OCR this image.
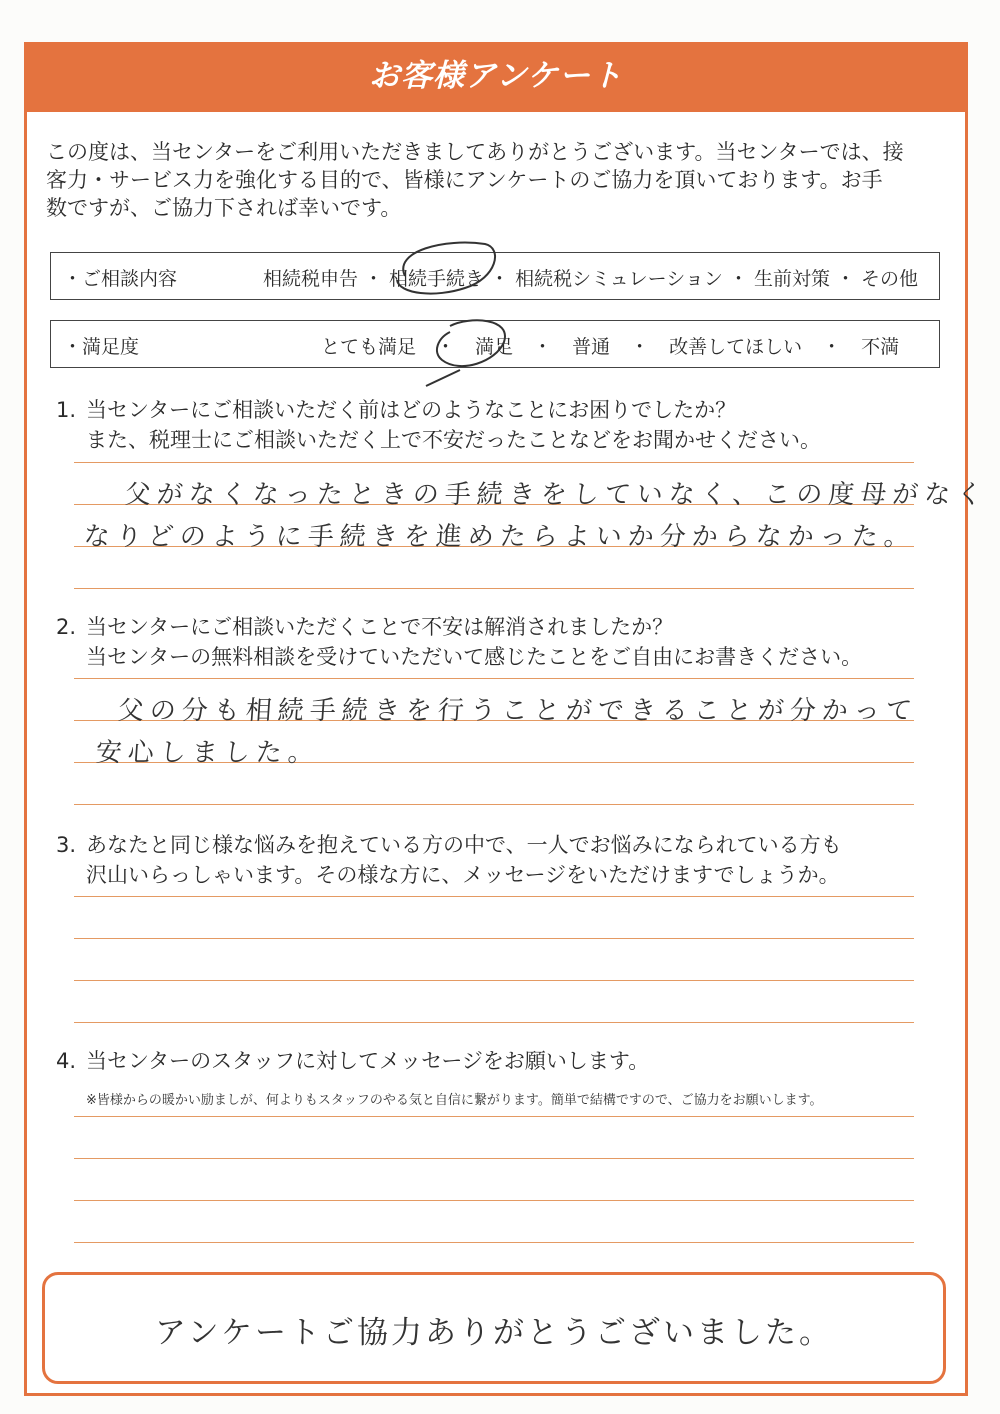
お客様アンケート
この度は、当センターをご利用いただきましてありがとうございます。当センターでは、接
客力・サービス力を強化する目的で、皆様にアンケートのご協力を頂いております。お手
数ですが、ご協力下されば幸いです。
・ご相談内容	相続税申告 ・ 相続手続き ・ 相続税シミュレーション ・ 生前対策 ・ その他
・満足度	とても満足 ・ 満足 ・ 普通 ・ 改善してほしい ・ 不満
1. 当センターにご相談いただく前はどのようなことにお困りでしたか？
また、税理士にご相談いただく上で不安だったことなどをお聞かせください。
父がなくなったときの手続きをしていなく、この度母がなく
なりどのように手続きを進めたらよいか分からなかった。
2. 当センターにご相談いただくことで不安は解消されましたか？
当センターの無料相談を受けていただいて感じたことをご自由にお書きください。
父の分も相続手続きを行うことができることが分かって
安心しました。
3. あなたと同じ様な悩みを抱えている方の中で、一人でお悩みになられている方も
沢山いらっしゃいます。その様な方に、メッセージをいただけますでしょうか。
4. 当センターのスタッフに対してメッセージをお願いします。
※皆様からの暖かい励ましが、何よりもスタッフのやる気と自信に繋がります。簡単で結構ですので、ご協力をお願いします。
アンケートご協力ありがとうございました。
